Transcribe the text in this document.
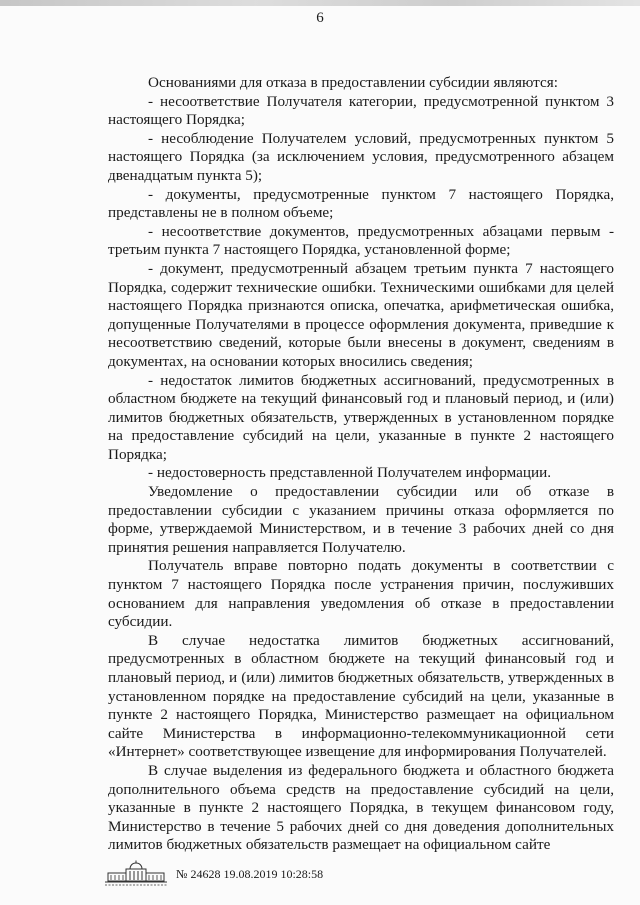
6

Основаниями для отказа в предоставлении субсидии являются:

- несоответствие Получателя категории, предусмотренной пунктом 3 настоящего Порядка;

- несоблюдение Получателем условий, предусмотренных пунктом 5 настоящего Порядка (за исключением условия, предусмотренного абзацем двенадцатым пункта 5);

- документы, предусмотренные пунктом 7 настоящего Порядка, представлены не в полном объеме;

- несоответствие документов, предусмотренных абзацами первым - третьим пункта 7 настоящего Порядка, установленной форме;

- документ, предусмотренный абзацем третьим пункта 7 настоящего Порядка, содержит технические ошибки. Техническими ошибками для целей настоящего Порядка признаются описка, опечатка, арифметическая ошибка, допущенные Получателями в процессе оформления документа, приведшие к несоответствию сведений, которые были внесены в документ, сведениям в документах, на основании которых вносились сведения;

- недостаток лимитов бюджетных ассигнований, предусмотренных в областном бюджете на текущий финансовый год и плановый период, и (или) лимитов бюджетных обязательств, утвержденных в установленном порядке на предоставление субсидий на цели, указанные в пункте 2 настоящего Порядка;

- недостоверность представленной Получателем информации.

Уведомление о предоставлении субсидии или об отказе в предоставлении субсидии с указанием причины отказа оформляется по форме, утверждаемой Министерством, и в течение 3 рабочих дней со дня принятия решения направляется Получателю.

Получатель вправе повторно подать документы в соответствии с пунктом 7 настоящего Порядка после устранения причин, послуживших основанием для направления уведомления об отказе в предоставлении субсидии.

В случае недостатка лимитов бюджетных ассигнований, предусмотренных в областном бюджете на текущий финансовый год и плановый период, и (или) лимитов бюджетных обязательств, утвержденных в установленном порядке на предоставление субсидий на цели, указанные в пункте 2 настоящего Порядка, Министерство размещает на официальном сайте Министерства в информационно-телекоммуникационной сети «Интернет» соответствующее извещение для информирования Получателей.

В случае выделения из федерального бюджета и областного бюджета дополнительного объема средств на предоставление субсидий на цели, указанные в пункте 2 настоящего Порядка, в текущем финансовом году, Министерство в течение 5 рабочих дней со дня доведения дополнительных лимитов бюджетных обязательств размещает на официальном сайте

№ 24628 19.08.2019 10:28:58
